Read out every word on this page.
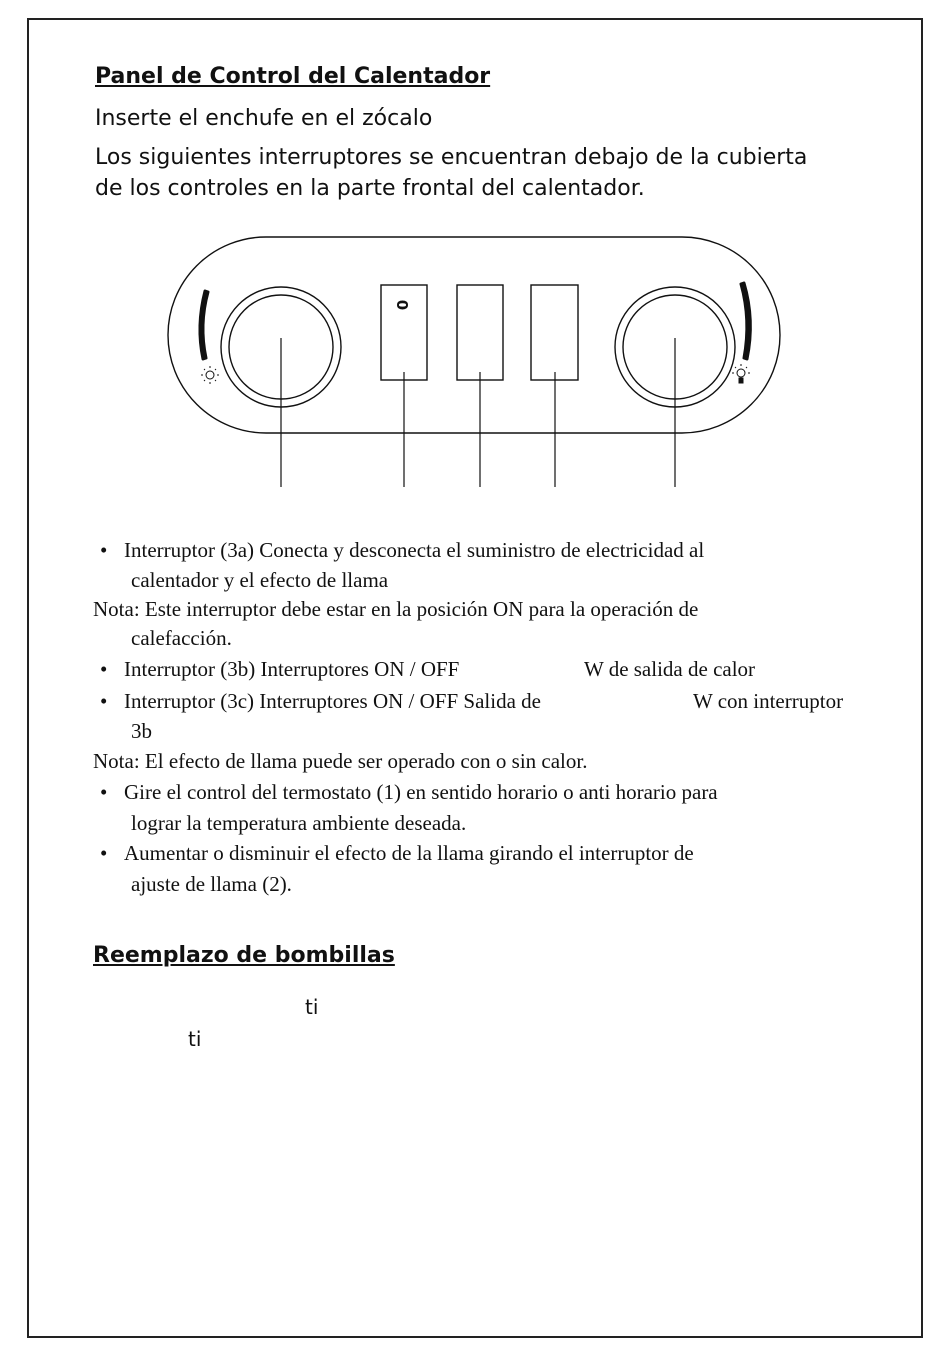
Panel de Control del Calentador
Inserte el enchufe en el zócalo
Los siguientes interruptores se encuentran debajo de la cubierta
de los controles en la parte frontal del calentador.
0
• Interruptor (3a) Conecta y desconecta el suministro de electricidad al
calentador y el efecto de llama
Nota: Este interruptor debe estar en la posición ON para la operación de
calefacción.
• Interruptor (3b) Interruptores ON / OFF	W de salida de calor
• Interruptor (3c) Interruptores ON / OFF Salida de	W con interruptor
3b
Nota: El efecto de llama puede ser operado con o sin calor.
• Gire el control del termostato (1) en sentido horario o anti horario para
lograr la temperatura ambiente deseada.
• Aumentar o disminuir el efecto de la llama girando el interruptor de
ajuste de llama (2).
Reemplazo de bombillas
ti
ti
